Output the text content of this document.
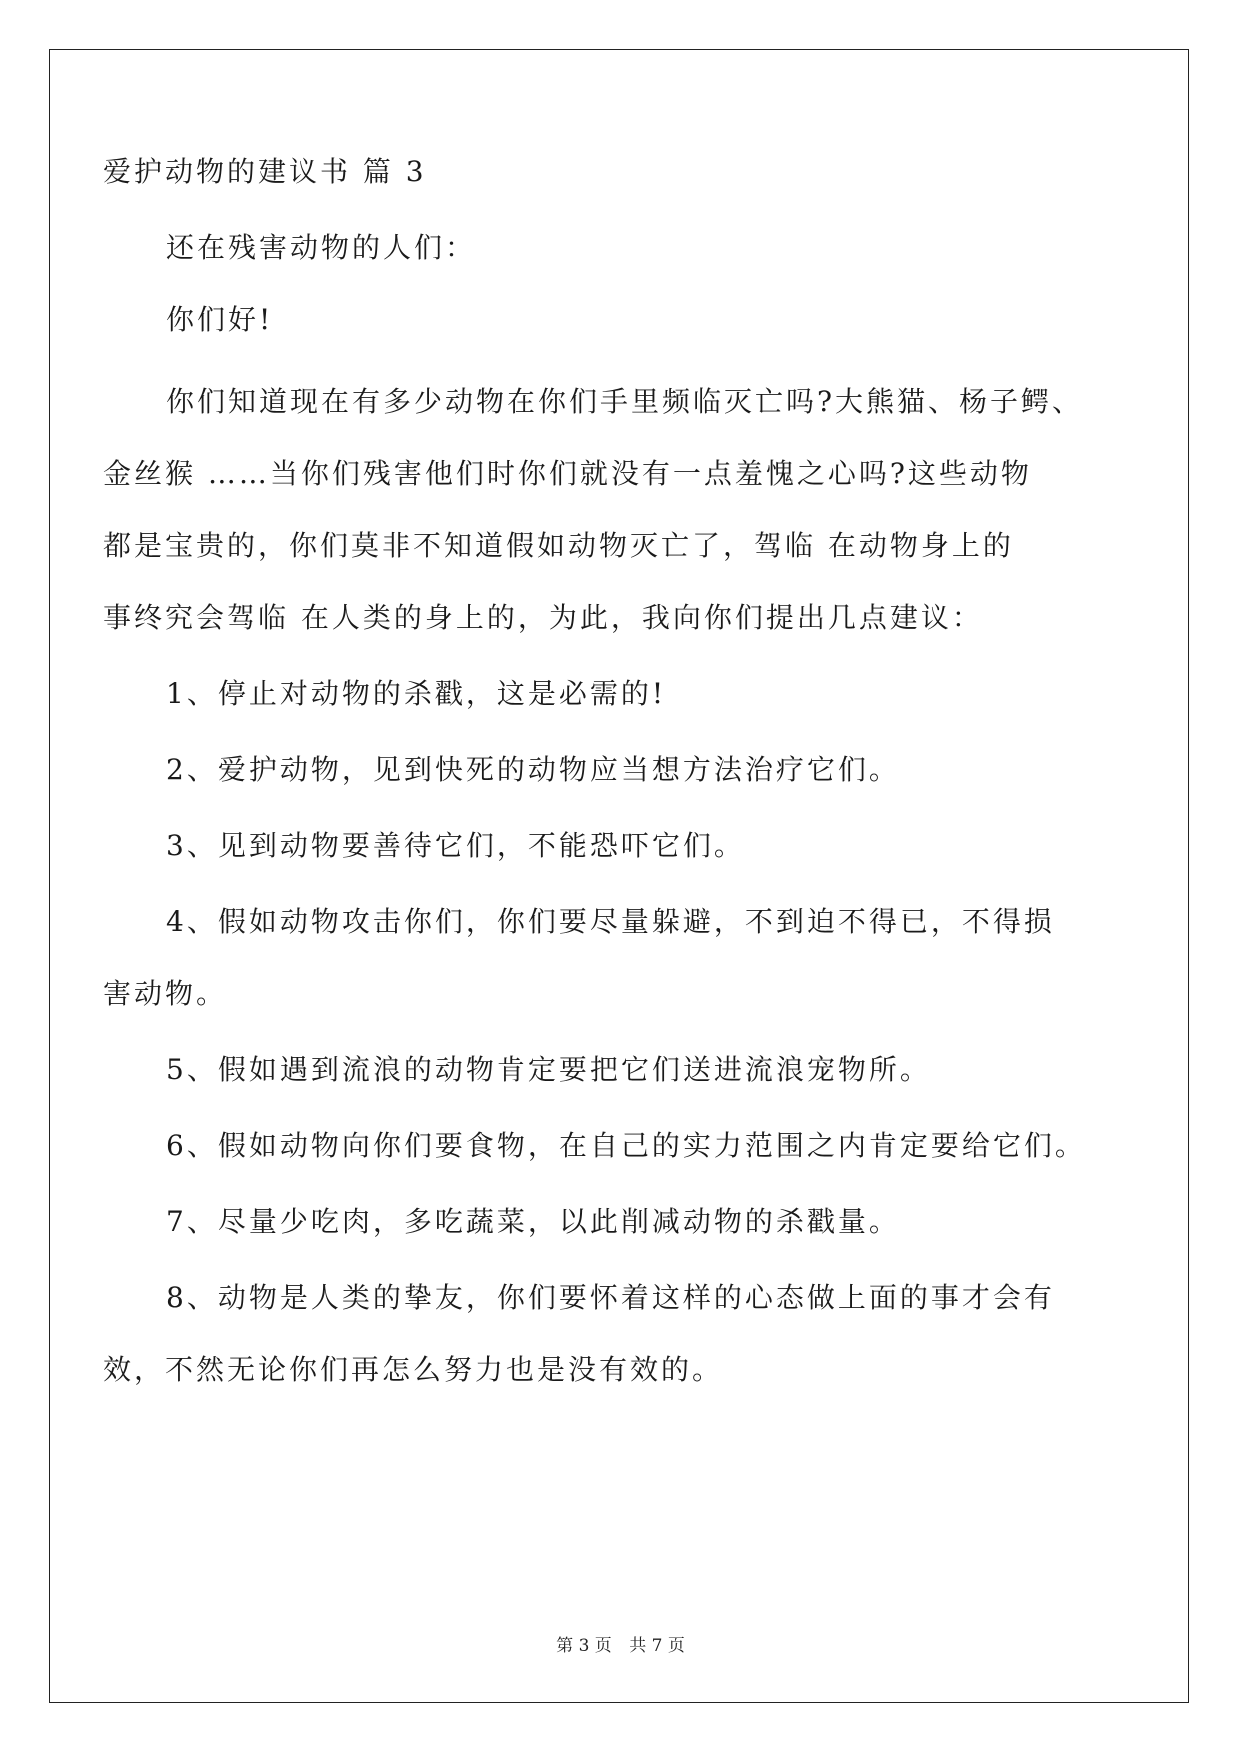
爱护动物的建议书 篇 3
还在残害动物的人们：
你们好!
你们知道现在有多少动物在你们手里频临灭亡吗?大熊猫、杨子鳄、
金丝猴 ……当你们残害他们时你们就没有一点羞愧之心吗?这些动物
都是宝贵的，你们莫非不知道假如动物灭亡了，驾临 在动物身上的
事终究会驾临 在人类的身上的，为此，我向你们提出几点建议：
1、停止对动物的杀戳，这是必需的!
2、爱护动物，见到快死的动物应当想方法治疗它们。
3、见到动物要善待它们，不能恐吓它们。
4、假如动物攻击你们，你们要尽量躲避，不到迫不得已，不得损
害动物。
5、假如遇到流浪的动物肯定要把它们送进流浪宠物所。
6、假如动物向你们要食物，在自己的实力范围之内肯定要给它们。
7、尽量少吃肉，多吃蔬菜，以此削减动物的杀戳量。
8、动物是人类的挚友，你们要怀着这样的心态做上面的事才会有
效，不然无论你们再怎么努力也是没有效的。
第 3 页 共 7 页
